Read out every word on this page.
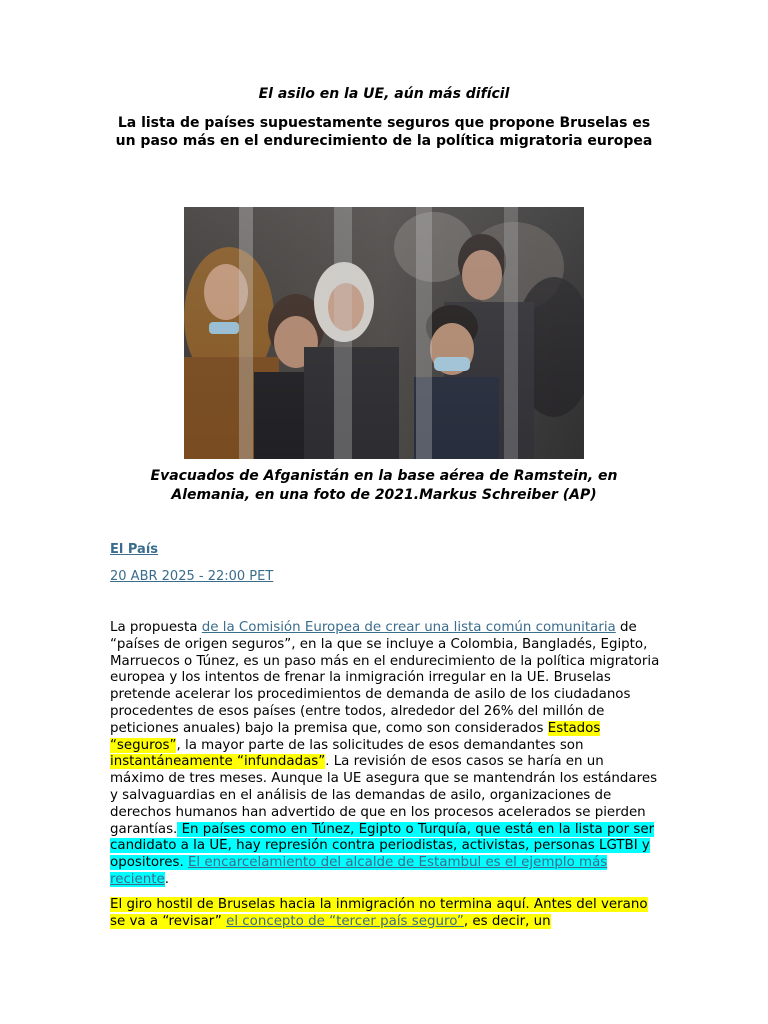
El asilo en la UE, aún más difícil
La lista de países supuestamente seguros que propone Bruselas es un paso más en el endurecimiento de la política migratoria europea
Evacuados de Afganistán en la base aérea de Ramstein, en Alemania, en una foto de 2021.Markus Schreiber (AP)
El País
20 ABR 2025 - 22:00 PET

La propuesta de la Comisión Europea de crear una lista común comunitaria de “países de origen seguros”, en la que se incluye a Colombia, Bangladés, Egipto, Marruecos o Túnez, es un paso más en el endurecimiento de la política migratoria europea y los intentos de frenar la inmigración irregular en la UE. Bruselas pretende acelerar los procedimientos de demanda de asilo de los ciudadanos procedentes de esos países (entre todos, alrededor del 26% del millón de peticiones anuales) bajo la premisa que, como son considerados Estados “seguros”, la mayor parte de las solicitudes de esos demandantes son instantáneamente “infundadas”. La revisión de esos casos se haría en un máximo de tres meses. Aunque la UE asegura que se mantendrán los estándares y salvaguardias en el análisis de las demandas de asilo, organizaciones de derechos humanos han advertido de que en los procesos acelerados se pierden garantías. En países como en Túnez, Egipto o Turquía, que está en la lista por ser candidato a la UE, hay represión contra periodistas, activistas, personas LGTBI y opositores. El encarcelamiento del alcalde de Estambul es el ejemplo más reciente.

El giro hostil de Bruselas hacia la inmigración no termina aquí. Antes del verano se va a “revisar” el concepto de “tercer país seguro”, es decir, un
